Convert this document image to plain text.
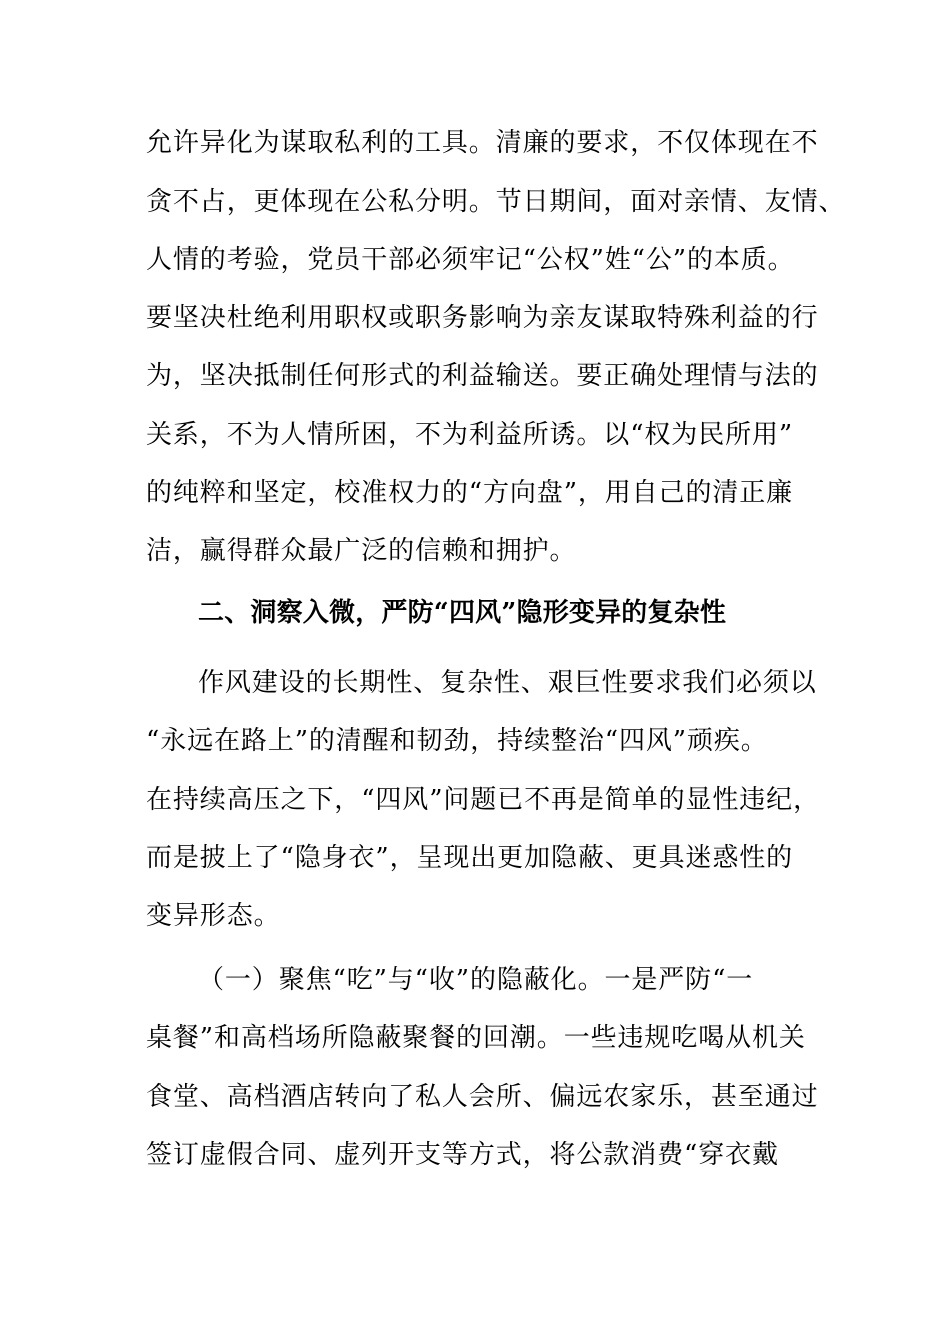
允许异化为谋取私利的工具。清廉的要求，不仅体现在不
贪不占，更体现在公私分明。节日期间，面对亲情、友情、
人情的考验，党员干部必须牢记“公权”姓“公”的本质。
要坚决杜绝利用职权或职务影响为亲友谋取特殊利益的行
为，坚决抵制任何形式的利益输送。要正确处理情与法的
关系，不为人情所困，不为利益所诱。以“权为民所用”
的纯粹和坚定，校准权力的“方向盘”，用自己的清正廉
洁，赢得群众最广泛的信赖和拥护。
二、洞察入微，严防“四风”隐形变异的复杂性
作风建设的长期性、复杂性、艰巨性要求我们必须以
“永远在路上”的清醒和韧劲，持续整治“四风”顽疾。
在持续高压之下，“四风”问题已不再是简单的显性违纪，
而是披上了“隐身衣”，呈现出更加隐蔽、更具迷惑性的
变异形态。
（一）聚焦“吃”与“收”的隐蔽化。一是严防“一
桌餐”和高档场所隐蔽聚餐的回潮。一些违规吃喝从机关
食堂、高档酒店转向了私人会所、偏远农家乐，甚至通过
签订虚假合同、虚列开支等方式，将公款消费“穿衣戴
